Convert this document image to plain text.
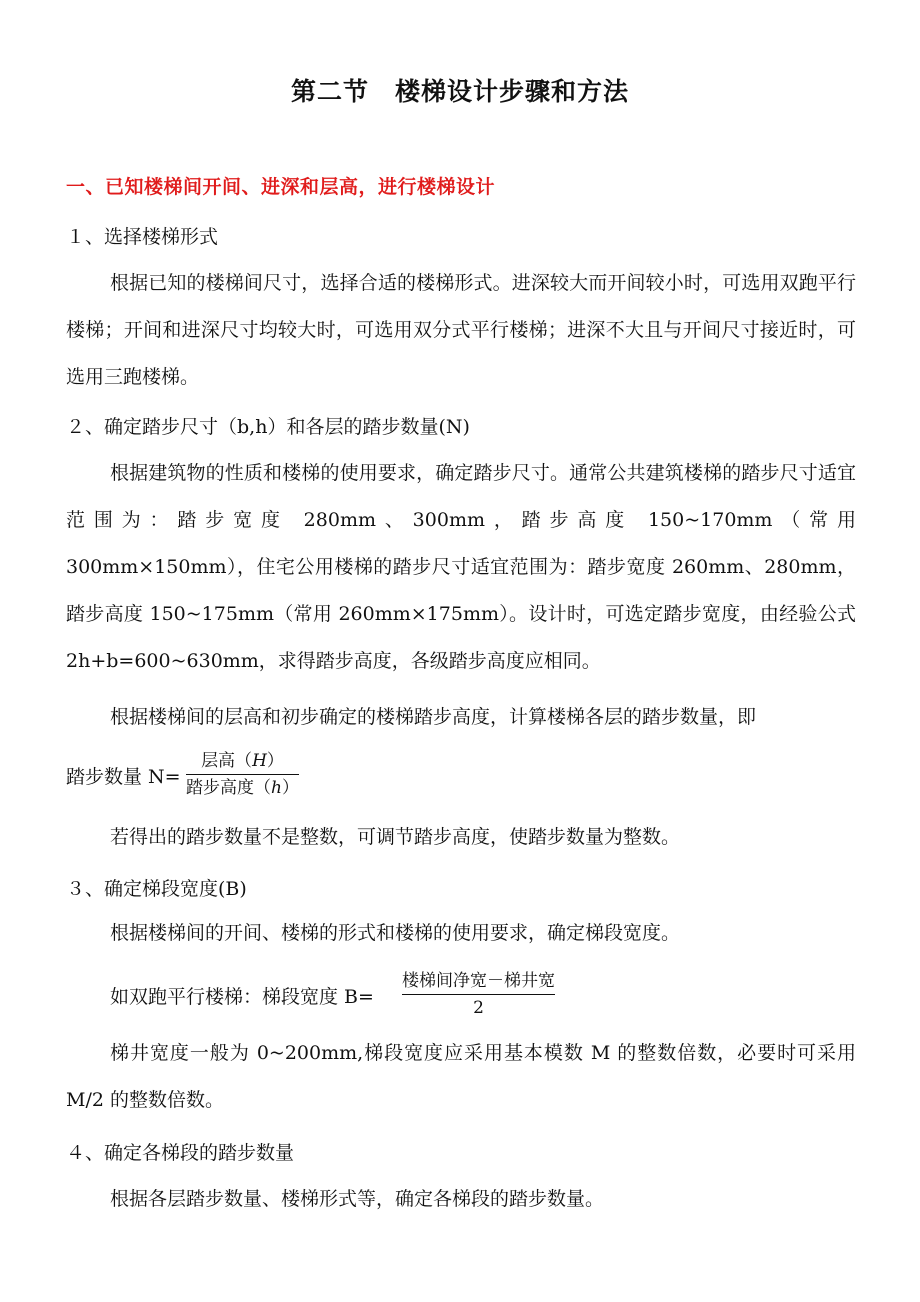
第二节　楼梯设计步骤和方法
一、已知楼梯间开间、进深和层高，进行楼梯设计
１、选择楼梯形式
根据已知的楼梯间尺寸，选择合适的楼梯形式。进深较大而开间较小时，可选用双跑平行楼梯；开间和进深尺寸均较大时，可选用双分式平行楼梯；进深不大且与开间尺寸接近时，可选用三跑楼梯。
２、确定踏步尺寸（b,h）和各层的踏步数量(N)
根据建筑物的性质和楼梯的使用要求，确定踏步尺寸。通常公共建筑楼梯的踏步尺寸适宜范围为：踏步宽度 280mm、300mm，踏步高度 150~170mm（常用 300mm×150mm），住宅公用楼梯的踏步尺寸适宜范围为：踏步宽度 260mm、280mm，踏步高度 150~175mm（常用 260mm×175mm）。设计时，可选定踏步宽度，由经验公式 2h+b=600~630mm，求得踏步高度，各级踏步高度应相同。
根据楼梯间的层高和初步确定的楼梯踏步高度，计算楼梯各层的踏步数量，即
踏步数量 N=
层高（H）
踏步高度（h）
若得出的踏步数量不是整数，可调节踏步高度，使踏步数量为整数。
３、确定梯段宽度(B)
根据楼梯间的开间、楼梯的形式和楼梯的使用要求，确定梯段宽度。
如双跑平行楼梯：梯段宽度 B=
楼梯间净宽－梯井宽
2
梯井宽度一般为 0~200mm,梯段宽度应采用基本模数 M 的整数倍数，必要时可采用 M/2 的整数倍数。
４、确定各梯段的踏步数量
根据各层踏步数量、楼梯形式等，确定各梯段的踏步数量。
